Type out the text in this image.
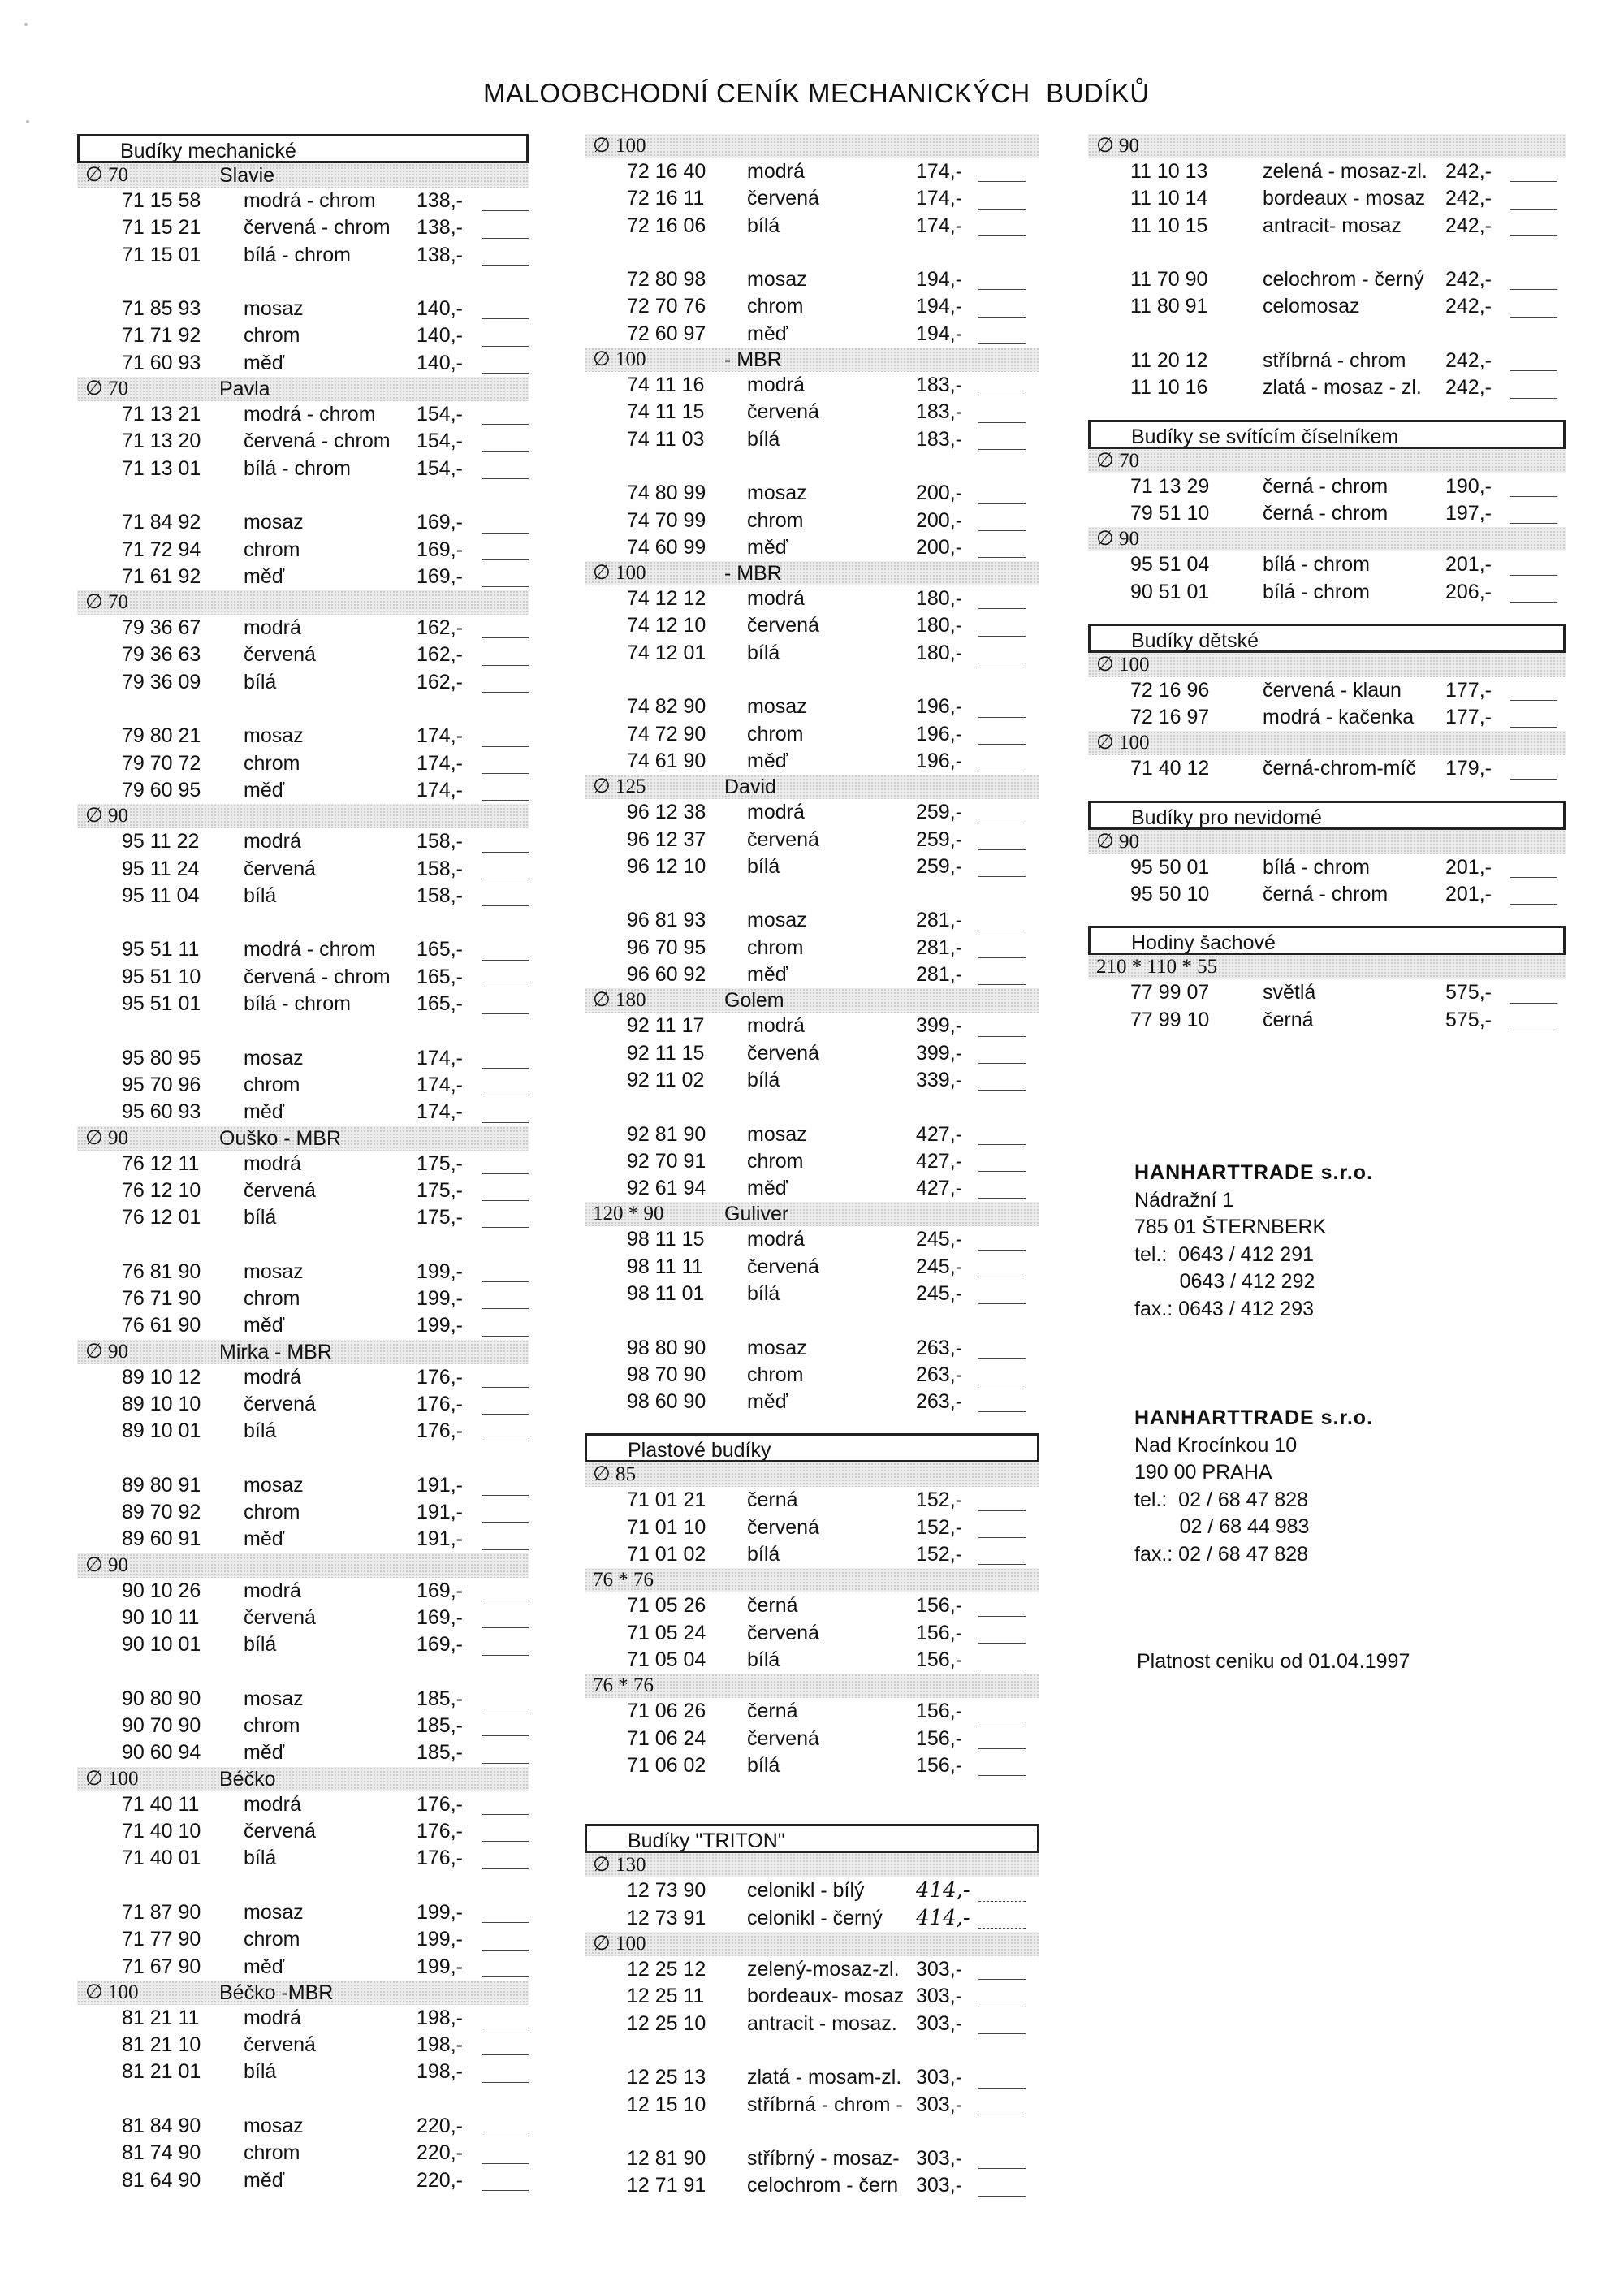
MALOOBCHODNÍ CENÍK MECHANICKÝCH  BUDÍKŮ
Budíky mechanické
∅ 70	Slavie
71 15 58 modrá - chrom 138,-
71 15 21 červená - chrom 138,-
71 15 01 bílá - chrom	138,-
71 85 93 mosaz	140,-
71 71 92 chrom	140,-
71 60 93 měď	140,-
∅ 70	Pavla
71 13 21 modrá - chrom 154,-
71 13 20 červená - chrom 154,-
71 13 01 bílá - chrom	154,-
71 84 92 mosaz	169,-
71 72 94 chrom	169,-
71 61 92 měď	169,-
∅ 70
79 36 67 modrá	162,-
79 36 63 červená	162,-
79 36 09 bílá	162,-
79 80 21 mosaz	174,-
79 70 72 chrom	174,-
79 60 95 měď	174,-
∅ 90
95 11 22 modrá	158,-
95 11 24 červená	158,-
95 11 04 bílá	158,-
95 51 11 modrá - chrom 165,-
95 51 10 červená - chrom 165,-
95 51 01 bílá - chrom	165,-
95 80 95 mosaz	174,-
95 70 96 chrom	174,-
95 60 93 měď	174,-
∅ 90	Ouško - MBR
76 12 11 modrá	175,-
76 12 10 červená	175,-
76 12 01 bílá	175,-
76 81 90 mosaz	199,-
76 71 90 chrom	199,-
76 61 90 měď	199,-
∅ 90	Mirka - MBR
89 10 12 modrá	176,-
89 10 10 červená	176,-
89 10 01 bílá	176,-
89 80 91 mosaz	191,-
89 70 92 chrom	191,-
89 60 91 měď	191,-
∅ 90
90 10 26 modrá	169,-
90 10 11 červená	169,-
90 10 01 bílá	169,-
90 80 90 mosaz	185,-
90 70 90 chrom	185,-
90 60 94 měď	185,-
∅ 100	Béčko
71 40 11 modrá	176,-
71 40 10 červená	176,-
71 40 01 bílá	176,-
71 87 90 mosaz	199,-
71 77 90 chrom	199,-
71 67 90 měď	199,-
∅ 100	Béčko -MBR
81 21 11 modrá	198,-
81 21 10 červená	198,-
81 21 01 bílá	198,-
81 84 90 mosaz	220,-
81 74 90 chrom	220,-
81 64 90 měď	220,-
∅ 100
72 16 40 modrá	174,-
72 16 11 červená	174,-
72 16 06 bílá	174,-
72 80 98 mosaz	194,-
72 70 76 chrom	194,-
72 60 97 měď	194,-
∅ 100	- MBR
74 11 16 modrá	183,-
74 11 15 červená	183,-
74 11 03 bílá	183,-
74 80 99 mosaz	200,-
74 70 99 chrom	200,-
74 60 99 měď	200,-
∅ 100	- MBR
74 12 12 modrá	180,-
74 12 10 červená	180,-
74 12 01 bílá	180,-
74 82 90 mosaz	196,-
74 72 90 chrom	196,-
74 61 90 měď	196,-
∅ 125	David
96 12 38 modrá	259,-
96 12 37 červená	259,-
96 12 10 bílá	259,-
96 81 93 mosaz	281,-
96 70 95 chrom	281,-
96 60 92 měď	281,-
∅ 180	Golem
92 11 17 modrá	399,-
92 11 15 červená	399,-
92 11 02 bílá	339,-
92 81 90 mosaz	427,-
92 70 91 chrom	427,-
92 61 94 měď	427,-
120 * 90	Guliver
98 11 15 modrá	245,-
98 11 11 červená	245,-
98 11 01 bílá	245,-
98 80 90 mosaz	263,-
98 70 90 chrom	263,-
98 60 90 měď	263,-
Plastové budíky
∅ 85
71 01 21 černá	152,-
71 01 10 červená	152,-
71 01 02 bílá	152,-
76 * 76
71 05 26 černá	156,-
71 05 24 červená	156,-
71 05 04 bílá	156,-
76 * 76
71 06 26 černá	156,-
71 06 24 červená	156,-
71 06 02 bílá	156,-
Budíky "TRITON"
∅ 130
12 73 90 celonikl - bílý 414,-
12 73 91 celonikl - černý 414,-
∅ 100
12 25 12 zelený-mosaz-zl. 303,-
12 25 11 bordeaux- mosaz 303,-
12 25 10 antracit - mosaz. 303,-
12 25 13 zlatá - mosam-zl. 303,-
12 15 10 stříbrná - chrom - 303,-
12 81 90 stříbrný - mosaz- 303,-
12 71 91 celochrom - čern 303,-
∅ 90
11 10 13	zelená - mosaz-zl. 242,-
11 10 14	bordeaux - mosaz 242,-
11 10 15	antracit- mosaz 242,-
11 70 90	celochrom - černý 242,-
11 80 91	celomosaz	242,-
11 20 12	stříbrná - chrom 242,-
11 10 16	zlatá - mosaz - zl. 242,-
Budíky se svítícím číselníkem
∅ 70
71 13 29	černá - chrom	190,-
79 51 10	černá - chrom	197,-
∅ 90
95 51 04	bílá - chrom	201,-
90 51 01	bílá - chrom	206,-
Budíky dětské
∅ 100
72 16 96	červená - klaun 177,-
72 16 97	modrá - kačenka 177,-
∅ 100
71 40 12	černá-chrom-míč 179,-
Budíky pro nevidomé
∅ 90
95 50 01	bílá - chrom	201,-
95 50 10	černá - chrom	201,-
Hodiny šachové
210 * 110 * 55
77 99 07	světlá	575,-
77 99 10	černá	575,-
HANHARTTRADE s.r.o.
Nádražní 1
785 01 ŠTERNBERK
tel.:  0643 / 412 291
0643 / 412 292
fax.: 0643 / 412 293
HANHARTTRADE s.r.o.
Nad Krocínkou 10
190 00 PRAHA
tel.:  02 / 68 47 828
02 / 68 44 983
fax.: 02 / 68 47 828
Platnost ceniku od 01.04.1997
